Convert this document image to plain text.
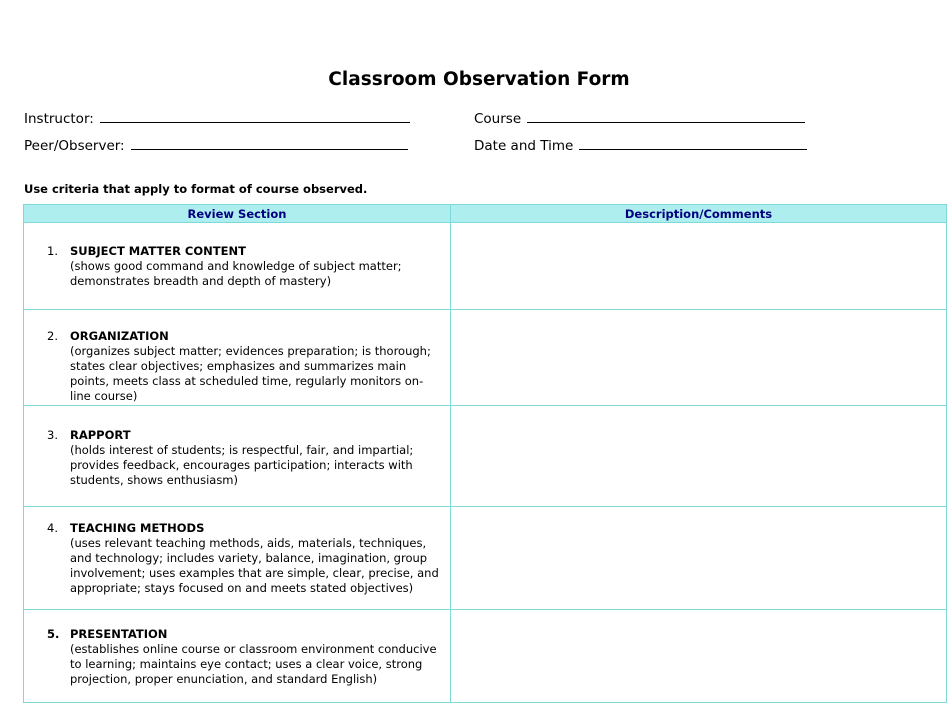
Classroom Observation Form
Instructor:	Course
Peer/Observer:	Date and Time
Use criteria that apply to format of course observed.
Review Section	Description/Comments

1. SUBJECT MATTER CONTENT
(shows good command and knowledge of subject matter; demonstrates breadth and depth of mastery)	

2. ORGANIZATION
(organizes subject matter; evidences preparation; is thorough; states clear objectives; emphasizes and summarizes main points, meets class at scheduled time, regularly monitors on-line course)	

3. RAPPORT
(holds interest of students; is respectful, fair, and impartial; provides feedback, encourages participation; interacts with students, shows enthusiasm)	

4. TEACHING METHODS
(uses relevant teaching methods, aids, materials, techniques, and technology; includes variety, balance, imagination, group involvement; uses examples that are simple, clear, precise, and appropriate; stays focused on and meets stated objectives)	

5. PRESENTATION
(establishes online course or classroom environment conducive to learning; maintains eye contact; uses a clear voice, strong projection, proper enunciation, and standard English)	
